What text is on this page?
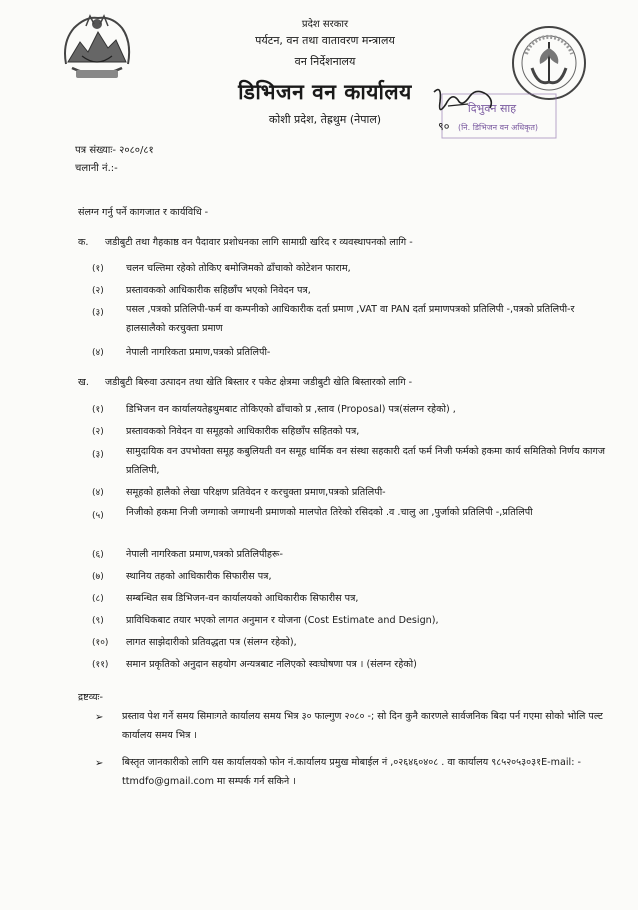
दिभुवन साह
(नि. डिभिजन वन अधिकृत)
९०
प्रदेश सरकार
पर्यटन, वन तथा वातावरण मन्त्रालय
वन निर्देशनालय
डिभिजन वन कार्यालय
कोशी प्रदेश, तेह्रथुम (नेपाल)
पत्र संख्याः- २०८०/८१
चलानी नं.:-
संलग्न गर्नु पर्ने कागजात र कार्यविधि -
क. जडीबुटी तथा गैहकाष्ठ वन पैदावार प्रशोधनका लागि सामाग्री खरिद र व्यवस्थापनको लागि -
(१) चलन चल्तिमा रहेको तोकिए बमोजिमको ढाँचाको कोटेशन फाराम,
(२) प्रस्तावकको आधिकारीक सहिछाँप भएको निवेदन पत्र,
(३) पसल ,पत्रको प्रतिलिपी-फर्म वा कम्पनीको आधिकारीक दर्ता प्रमाण ,VAT वा PAN दर्ता प्रमाणपत्रको प्रतिलिपी -,पत्रको प्रतिलिपी-र हालसालैको करचुक्ता प्रमाण
(४) नेपाली नागरिकता प्रमाण,पत्रको प्रतिलिपी-
ख. जडीबुटी बिरुवा उत्पादन तथा खेति बिस्तार र पकेट क्षेत्रमा जडीबुटी खेति बिस्तारको लागि -
(१) डिभिजन वन कार्यालयतेह्रथुमबाट तोकिएको ढाँचाको प्र ,स्ताव (Proposal) पत्र(संलग्न रहेको) ,
(२) प्रस्तावकको निवेदन वा समूहको आधिकारीक सहिछाँप सहितको पत्र,
(३) सामुदायिक वन उपभोक्ता समूह कबुलियती वन समूह धार्मिक वन संस्था सहकारी दर्ता फर्म निजी फर्मको हकमा कार्य समितिको निर्णय कागज प्रतिलिपी,
(४) समूहको हालैको लेखा परिक्षण प्रतिवेदन र करचुक्ता प्रमाण,पत्रको प्रतिलिपी-
(५) निजीको हकमा निजी जग्गाको जग्गाधनी प्रमाणको मालपोत तिरेको रसिदको .व .चालु आ ,पुर्जाको प्रतिलिपी -,प्रतिलिपी
(६) नेपाली नागरिकता प्रमाण,पत्रको प्रतिलिपीहरू-
(७) स्थानिय तहको आधिकारीक सिफारीस पत्र,
(८) सम्बन्धित सब डिभिजन-वन कार्यालयको आधिकारीक सिफारीस पत्र,
(९) प्राविधिकबाट तयार भएको लागत अनुमान र योजना (Cost Estimate and Design),
(१०) लागत साझेदारीको प्रतिवद्धता पत्र (संलग्न रहेको),
(११) समान प्रकृतिको अनुदान सहयोग अन्यत्रबाट नलिएको स्वःघोषणा पत्र । (संलग्न रहेको)
द्रष्टव्यः-
➢ प्रस्ताव पेश गर्ने समय सिमाःगते कार्यालय समय भित्र ३० फाल्गुण २०८० -; सो दिन कुनै कारणले सार्वजनिक बिदा पर्न गएमा सोको भोलि पल्ट कार्यालय समय भित्र ।
➢ बिस्तृत जानकारीको लागि यस कार्यालयको फोन नं.कार्यालय प्रमुख मोबाईल नं ,०२६४६०४०८ . वा कार्यालय ९८५२०५३०३१E-mail: -ttmdfo@gmail.com मा सम्पर्क गर्न सकिने ।
